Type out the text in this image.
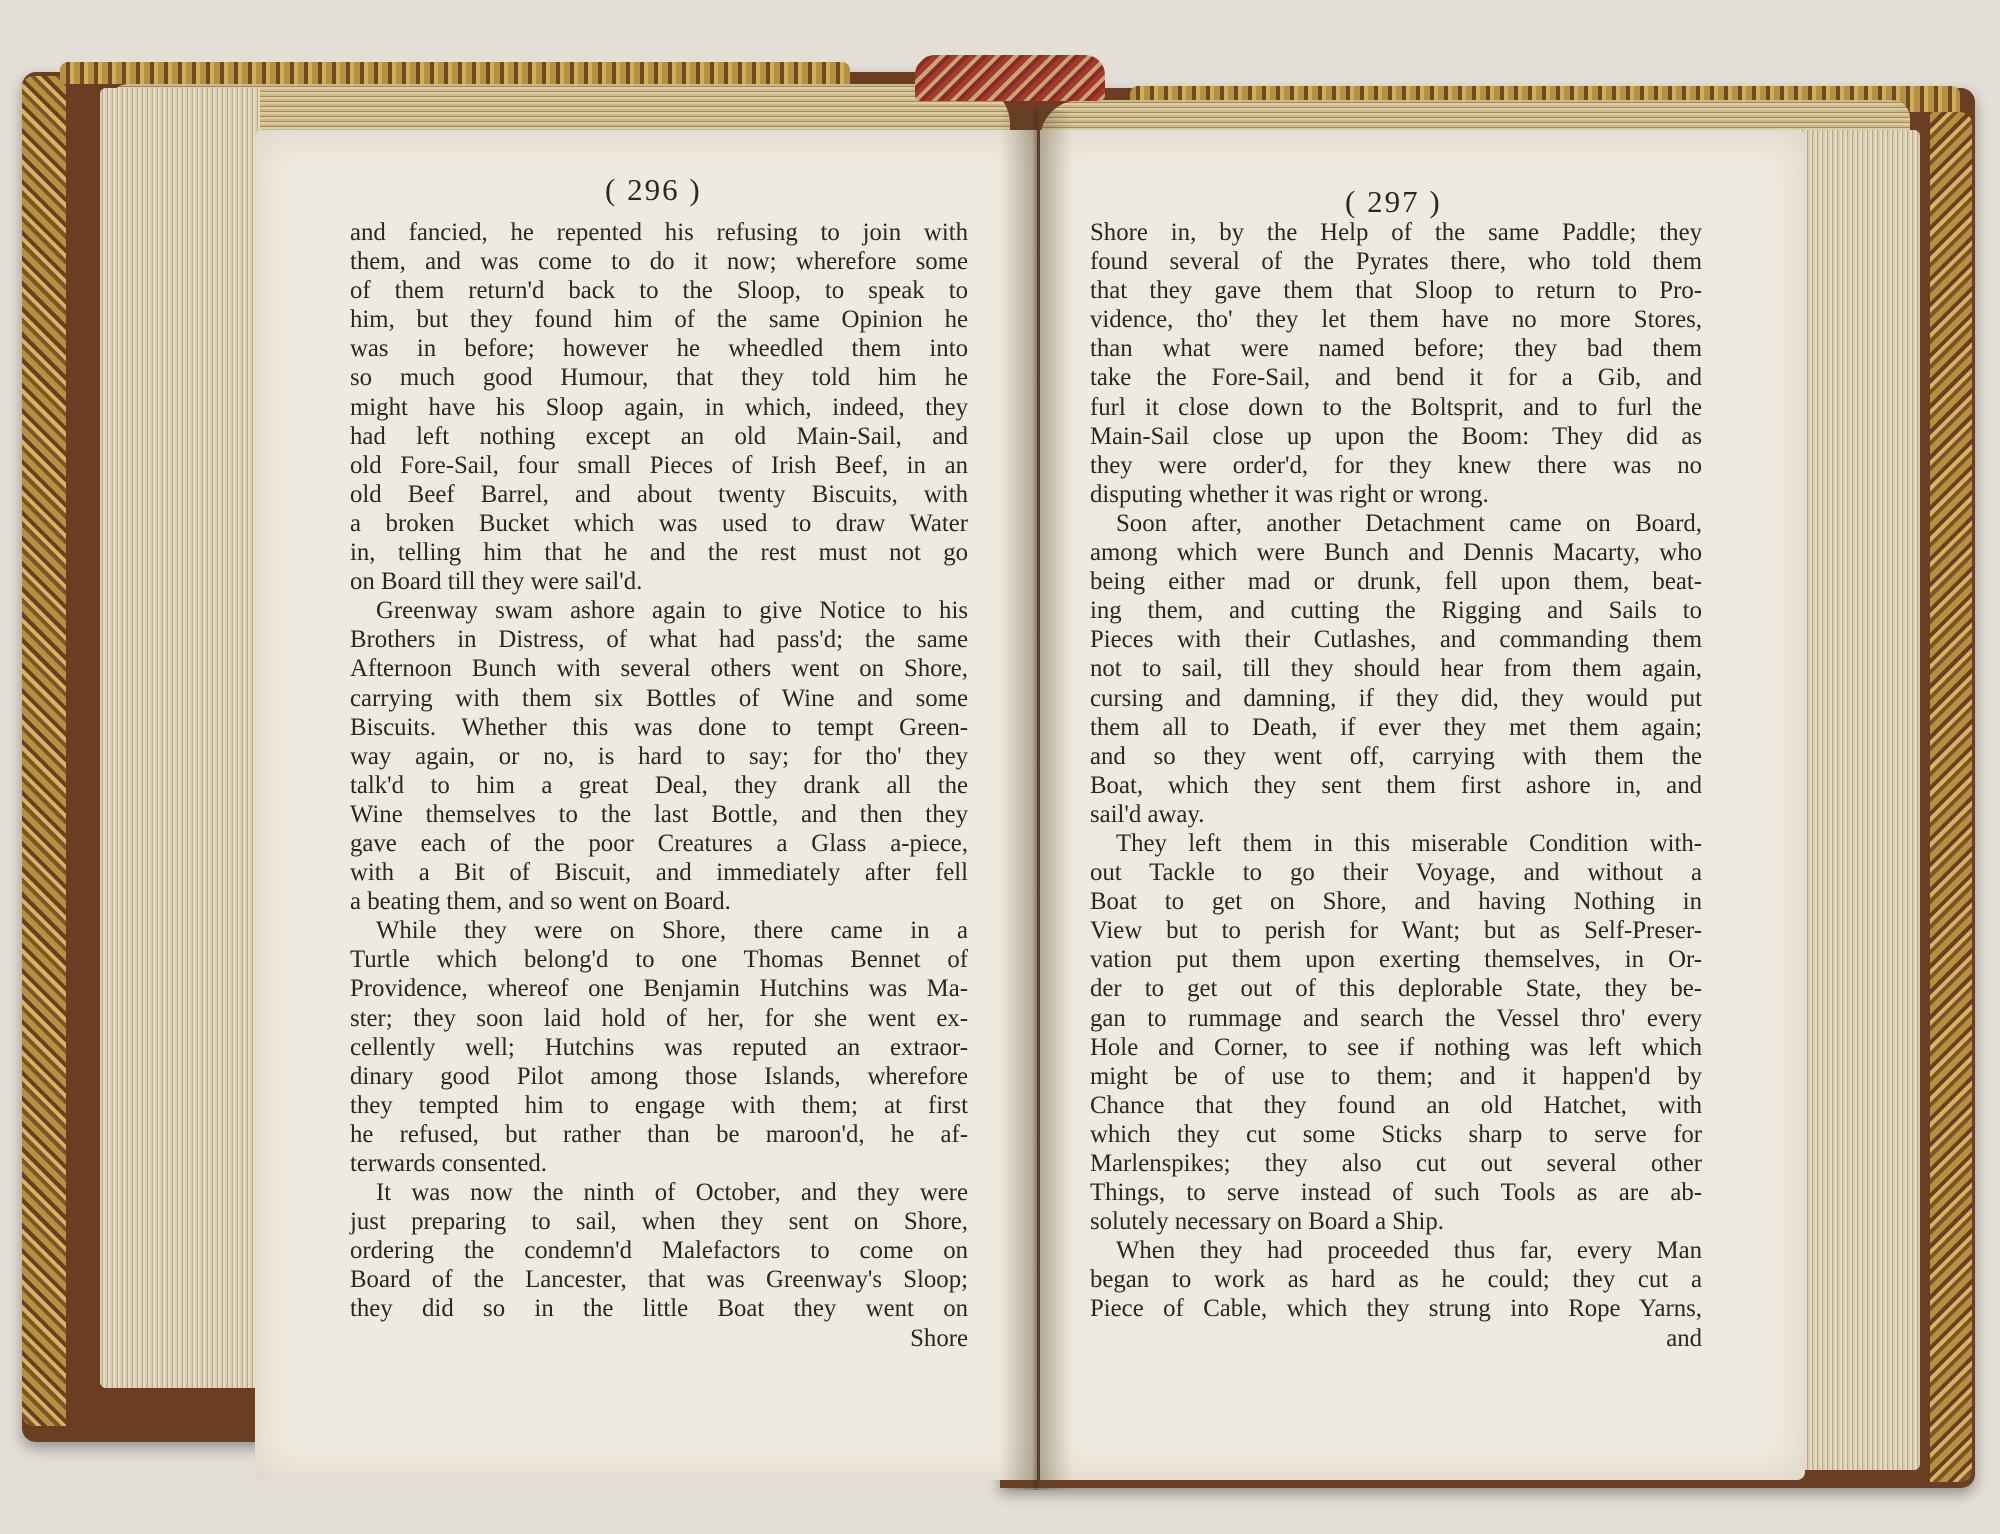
( 296 )	( 297 )
and fancied, he repented his refusing to join with
them, and was come to do it now; wherefore some
of them return'd back to the Sloop, to speak to
him, but they found him of the same Opinion he
was in before; however he wheedled them into
so much good Humour, that they told him he
might have his Sloop again, in which, indeed, they
had left nothing except an old Main-Sail, and
old Fore-Sail, four small Pieces of Irish Beef, in an
old Beef Barrel, and about twenty Biscuits, with
a broken Bucket which was used to draw Water
in, telling him that he and the rest must not go
on Board till they were sail'd.
Greenway swam ashore again to give Notice to his
Brothers in Distress, of what had pass'd; the same
Afternoon Bunch with several others went on Shore,
carrying with them six Bottles of Wine and some
Biscuits. Whether this was done to tempt Green-
way again, or no, is hard to say; for tho' they
talk'd to him a great Deal, they drank all the
Wine themselves to the last Bottle, and then they
gave each of the poor Creatures a Glass a-piece,
with a Bit of Biscuit, and immediately after fell
a beating them, and so went on Board.
While they were on Shore, there came in a
Turtle which belong'd to one Thomas Bennet of
Providence, whereof one Benjamin Hutchins was Ma-
ster; they soon laid hold of her, for she went ex-
cellently well; Hutchins was reputed an extraor-
dinary good Pilot among those Islands, wherefore
they tempted him to engage with them; at first
he refused, but rather than be maroon'd, he af-
terwards consented.
It was now the ninth of October, and they were
just preparing to sail, when they sent on Shore,
ordering the condemn'd Malefactors to come on
Board of the Lancester, that was Greenway's Sloop;
they did so in the little Boat they went on
Shore
Shore in, by the Help of the same Paddle; they
found several of the Pyrates there, who told them
that they gave them that Sloop to return to Pro-
vidence, tho' they let them have no more Stores,
than what were named before; they bad them
take the Fore-Sail, and bend it for a Gib, and
furl it close down to the Boltsprit, and to furl the
Main-Sail close up upon the Boom: They did as
they were order'd, for they knew there was no
disputing whether it was right or wrong.
Soon after, another Detachment came on Board,
among which were Bunch and Dennis Macarty, who
being either mad or drunk, fell upon them, beat-
ing them, and cutting the Rigging and Sails to
Pieces with their Cutlashes, and commanding them
not to sail, till they should hear from them again,
cursing and damning, if they did, they would put
them all to Death, if ever they met them again;
and so they went off, carrying with them the
Boat, which they sent them first ashore in, and
sail'd away.
They left them in this miserable Condition with-
out Tackle to go their Voyage, and without a
Boat to get on Shore, and having Nothing in
View but to perish for Want; but as Self-Preser-
vation put them upon exerting themselves, in Or-
der to get out of this deplorable State, they be-
gan to rummage and search the Vessel thro' every
Hole and Corner, to see if nothing was left which
might be of use to them; and it happen'd by
Chance that they found an old Hatchet, with
which they cut some Sticks sharp to serve for
Marlenspikes; they also cut out several other
Things, to serve instead of such Tools as are ab-
solutely necessary on Board a Ship.
When they had proceeded thus far, every Man
began to work as hard as he could; they cut a
Piece of Cable, which they strung into Rope Yarns,
and
